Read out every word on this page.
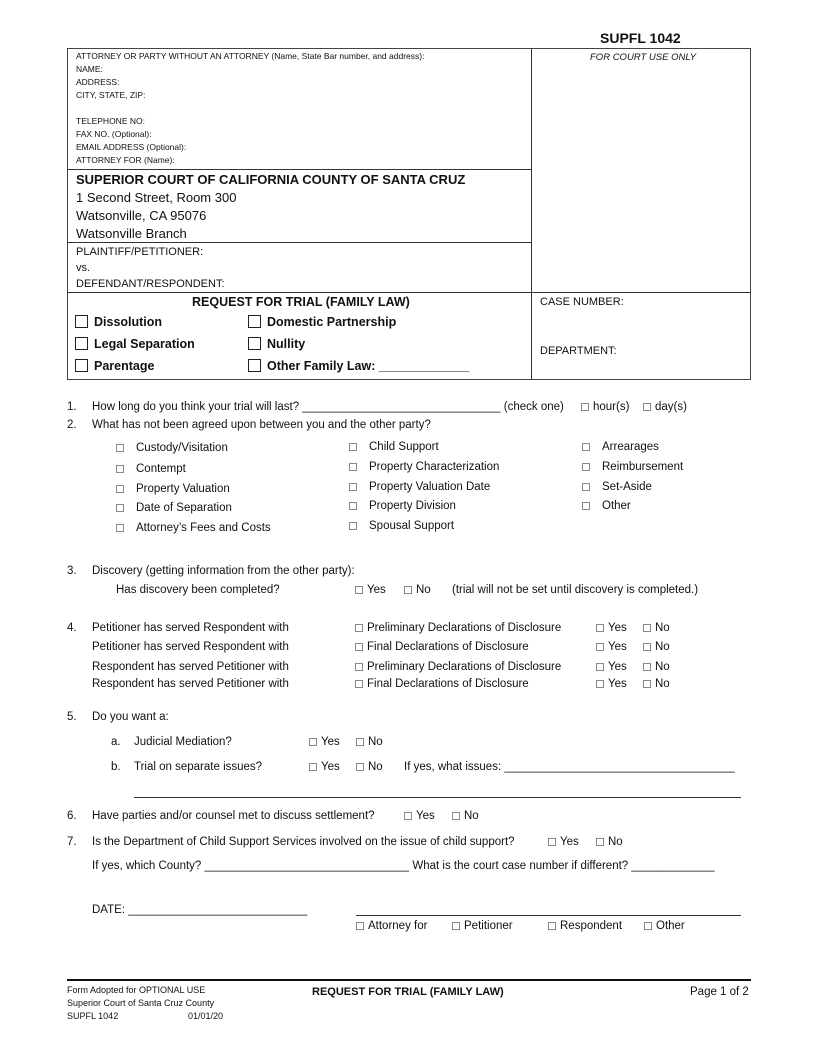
SUPFL 1042
FOR COURT USE ONLY
ATTORNEY OR PARTY WITHOUT AN ATTORNEY (Name, State Bar number, and address):
NAME:
ADDRESS:
CITY, STATE, ZIP:
TELEPHONE NO:
FAX NO. (Optional):
EMAIL ADDRESS (Optional):
ATTORNEY FOR (Name):
SUPERIOR COURT OF CALIFORNIA COUNTY OF SANTA CRUZ
1 Second Street, Room 300
Watsonville, CA 95076
Watsonville Branch
PLAINTIFF/PETITIONER:
vs.
DEFENDANT/RESPONDENT:
REQUEST FOR TRIAL (FAMILY LAW)
Dissolution	Domestic Partnership
Legal Separation	Nullity
Parentage	Other Family Law: _____________
CASE NUMBER:
DEPARTMENT:
1. How long do you think your trial will last? _______________________________ (check one)	hour(s)	day(s)
2. What has not been agreed upon between you and the other party?
Custody/Visitation
Contempt
Property Valuation
Date of Separation
Attorney’s Fees and Costs
Child Support
Property Characterization
Property Valuation Date
Property Division
Spousal Support
Arrearages
Reimbursement
Set-Aside
Other
3. Discovery (getting information from the other party):
Has discovery been completed?	Yes	No (trial will not be set until discovery is completed.)
4. Petitioner has served Respondent with	Preliminary Declarations of Disclosure	Yes	No
Petitioner has served Respondent with	Final Declarations of Disclosure	Yes	No
Respondent has served Petitioner with	Preliminary Declarations of Disclosure	Yes	No
Respondent has served Petitioner with	Final Declarations of Disclosure	Yes	No
5. Do you want a:
a. Judicial Mediation?	Yes	No
b. Trial on separate issues?	Yes	No If yes, what issues: ____________________________________
6. Have parties and/or counsel met to discuss settlement?	Yes	No
7. Is the Department of Child Support Services involved on the issue of child support?	Yes	No
If yes, which County? ________________________________ What is the court case number if different? _____________
DATE: ____________________________
Attorney for	Petitioner	Respondent	Other
Form Adopted for OPTIONAL USE
Superior Court of Santa Cruz County
SUPFL 1042	01/01/20
REQUEST FOR TRIAL (FAMILY LAW)	Page 1 of 2
